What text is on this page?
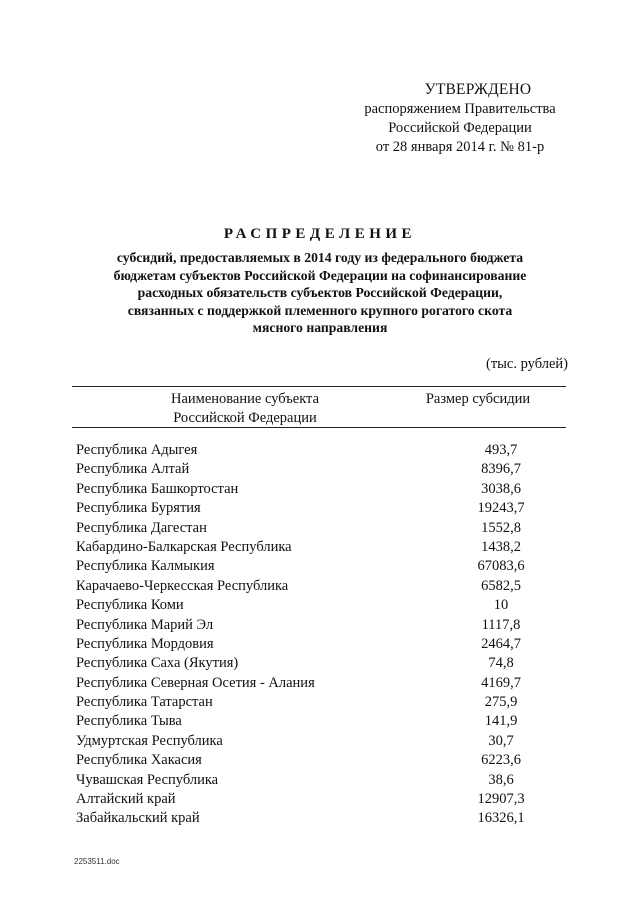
УТВЕРЖДЕНО
распоряжением Правительства
Российской Федерации
от 28 января 2014 г. № 81-р
РАСПРЕДЕЛЕНИЕ
субсидий, предоставляемых в 2014 году из федерального бюджета
бюджетам субъектов Российской Федерации на софинансирование
расходных обязательств субъектов Российской Федерации,
связанных с поддержкой племенного крупного рогатого скота
мясного направления
(тыс. рублей)
Наименование субъекта
Российской Федерации
Размер субсидии
Республика Адыгея	493,7
Республика Алтай	8396,7
Республика Башкортостан	3038,6
Республика Бурятия	19243,7
Республика Дагестан	1552,8
Кабардино-Балкарская Республика	1438,2
Республика Калмыкия	67083,6
Карачаево-Черкесская Республика	6582,5
Республика Коми	10
Республика Марий Эл	1117,8
Республика Мордовия	2464,7
Республика Саха (Якутия)	74,8
Республика Северная Осетия - Алания	4169,7
Республика Татарстан	275,9
Республика Тыва	141,9
Удмуртская Республика	30,7
Республика Хакасия	6223,6
Чувашская Республика	38,6
Алтайский край	12907,3
Забайкальский край	16326,1
2253511.doc
